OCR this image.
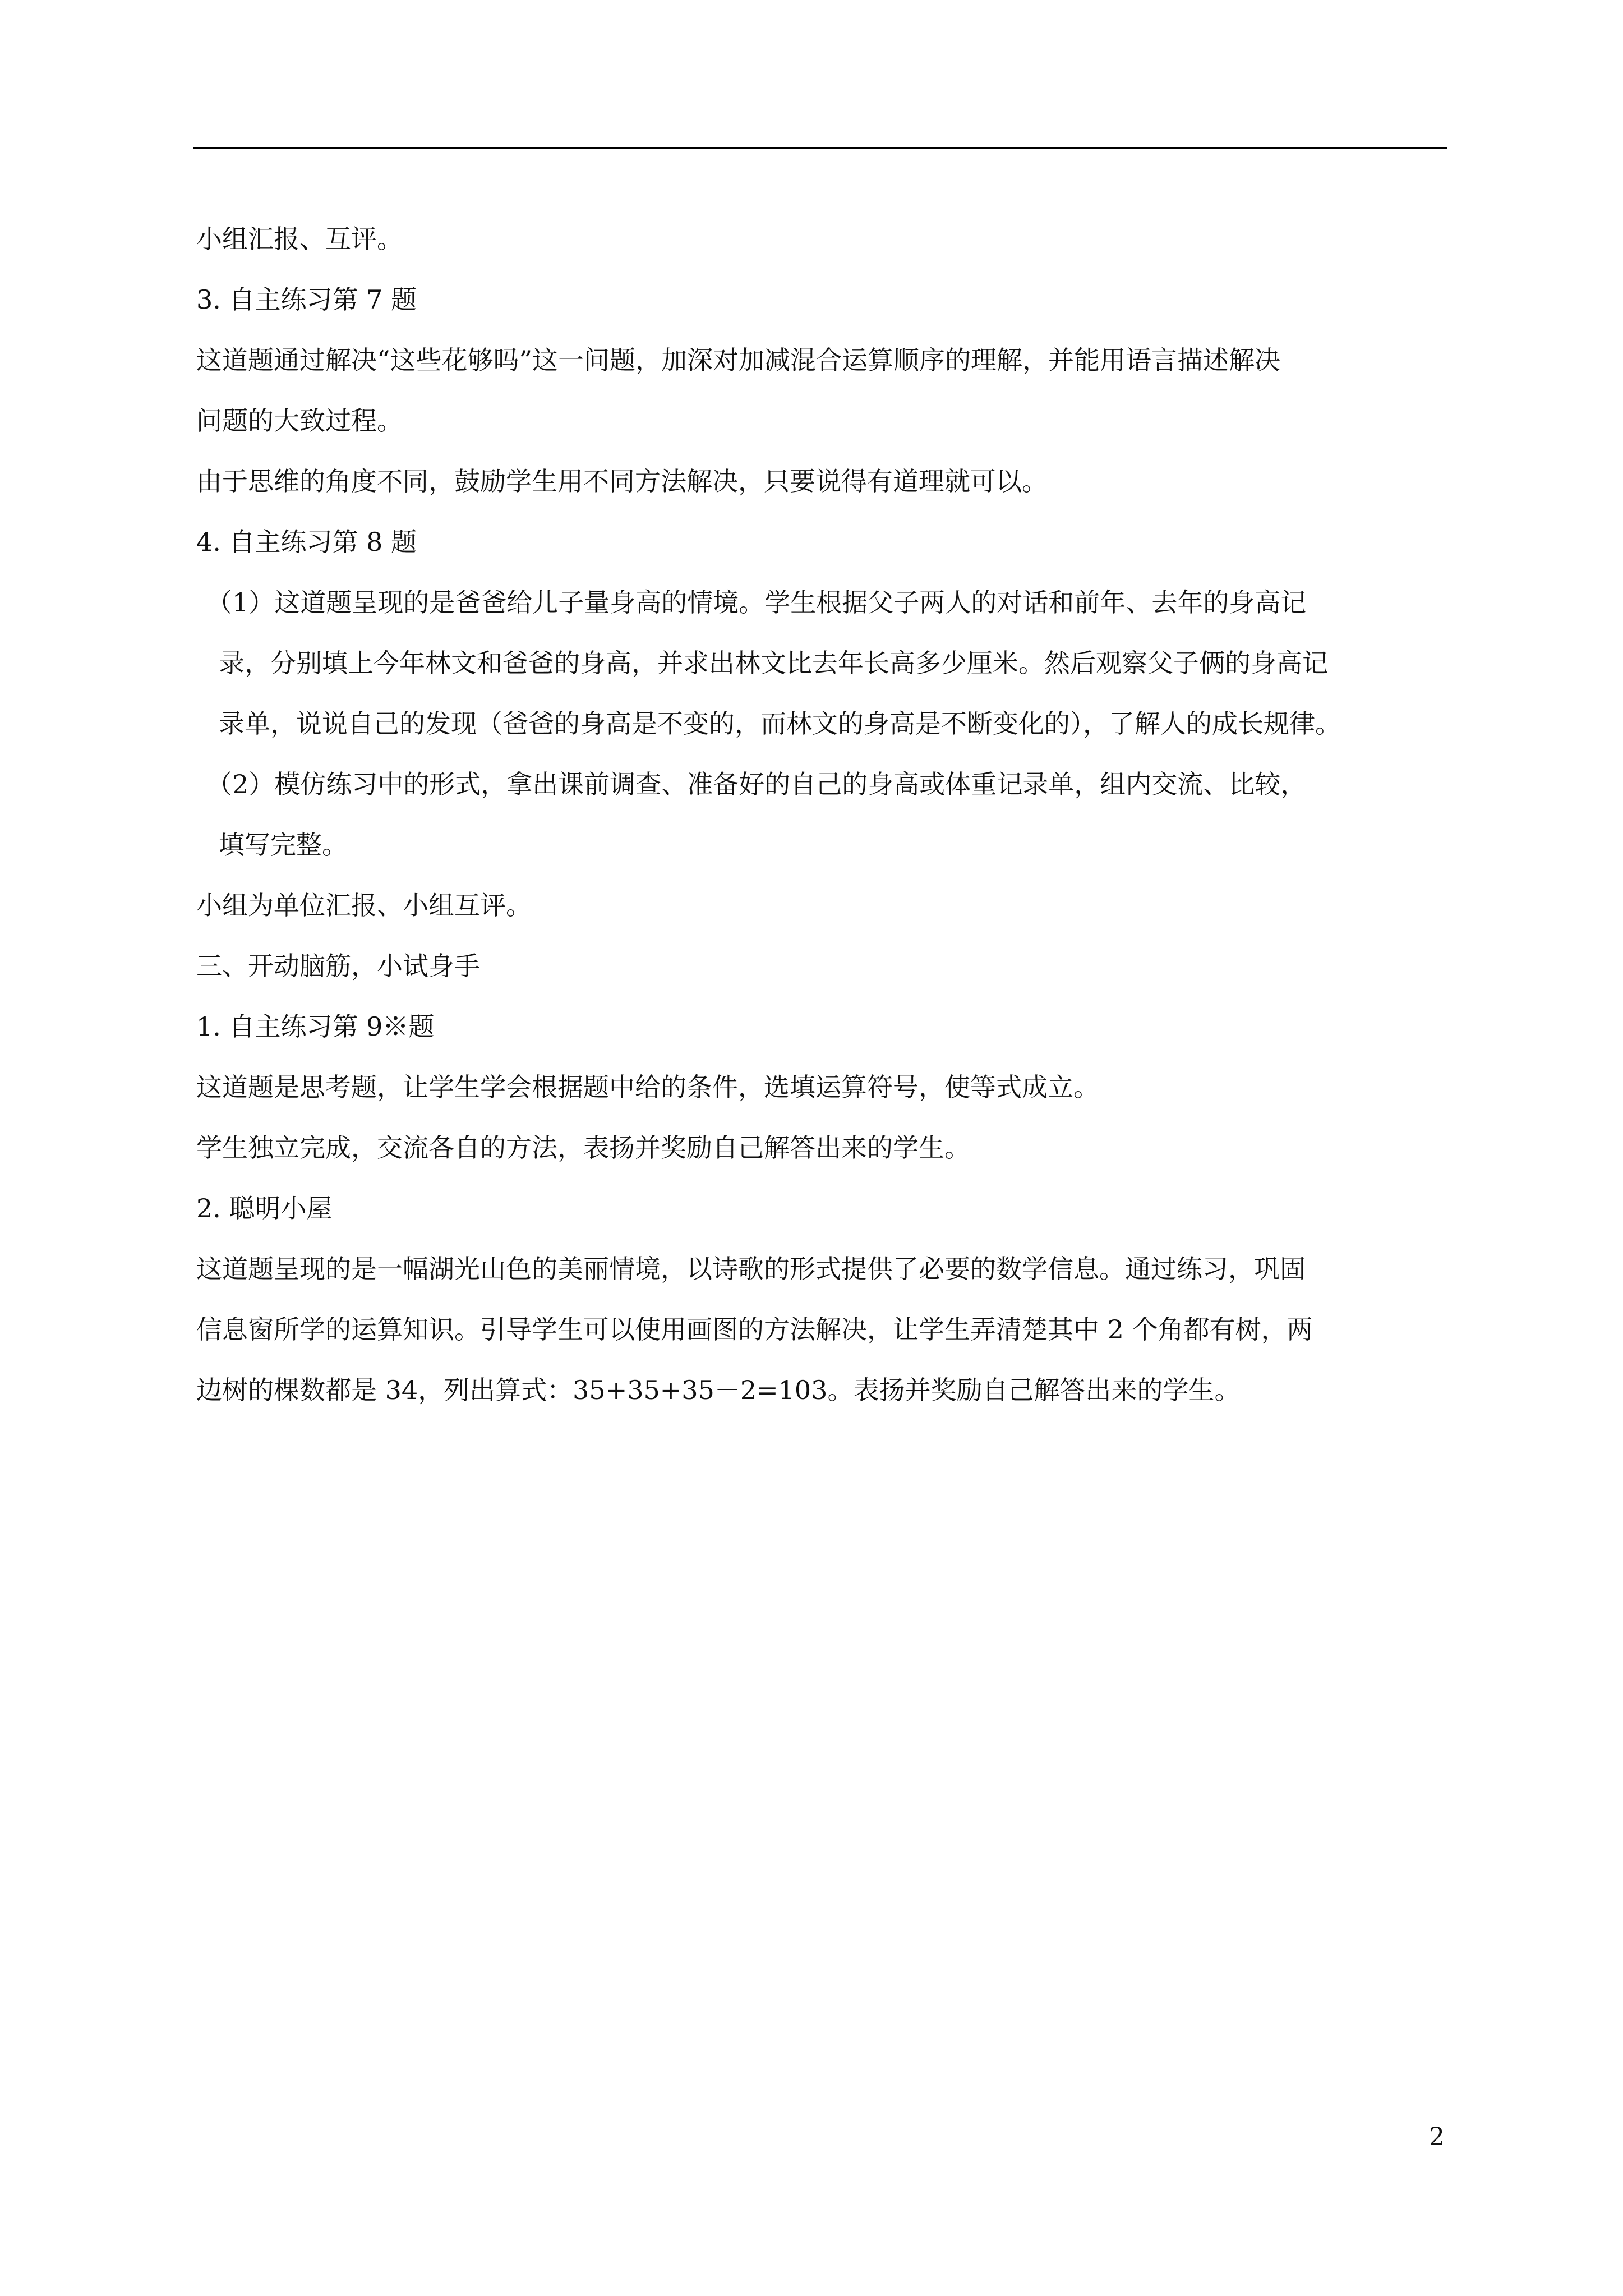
小组汇报、互评。

3. 自主练习第 7 题

这道题通过解决“这些花够吗”这一问题，加深对加减混合运算顺序的理解，并能用语言描述解决

问题的大致过程。

由于思维的角度不同，鼓励学生用不同方法解决，只要说得有道理就可以。

4. 自主练习第 8 题

（1）这道题呈现的是爸爸给儿子量身高的情境。学生根据父子两人的对话和前年、去年的身高记

录，分别填上今年林文和爸爸的身高，并求出林文比去年长高多少厘米。然后观察父子俩的身高记

录单，说说自己的发现（爸爸的身高是不变的，而林文的身高是不断变化的），了解人的成长规律。

（2）模仿练习中的形式，拿出课前调查、准备好的自己的身高或体重记录单，组内交流、比较，

填写完整。

小组为单位汇报、小组互评。

三、开动脑筋，小试身手

1. 自主练习第 9※题

这道题是思考题，让学生学会根据题中给的条件，选填运算符号，使等式成立。

学生独立完成，交流各自的方法，表扬并奖励自己解答出来的学生。

2. 聪明小屋

这道题呈现的是一幅湖光山色的美丽情境，以诗歌的形式提供了必要的数学信息。通过练习，巩固

信息窗所学的运算知识。引导学生可以使用画图的方法解决，让学生弄清楚其中 2 个角都有树，两

边树的棵数都是 34，列出算式：35+35+35－2=103。表扬并奖励自己解答出来的学生。

2
